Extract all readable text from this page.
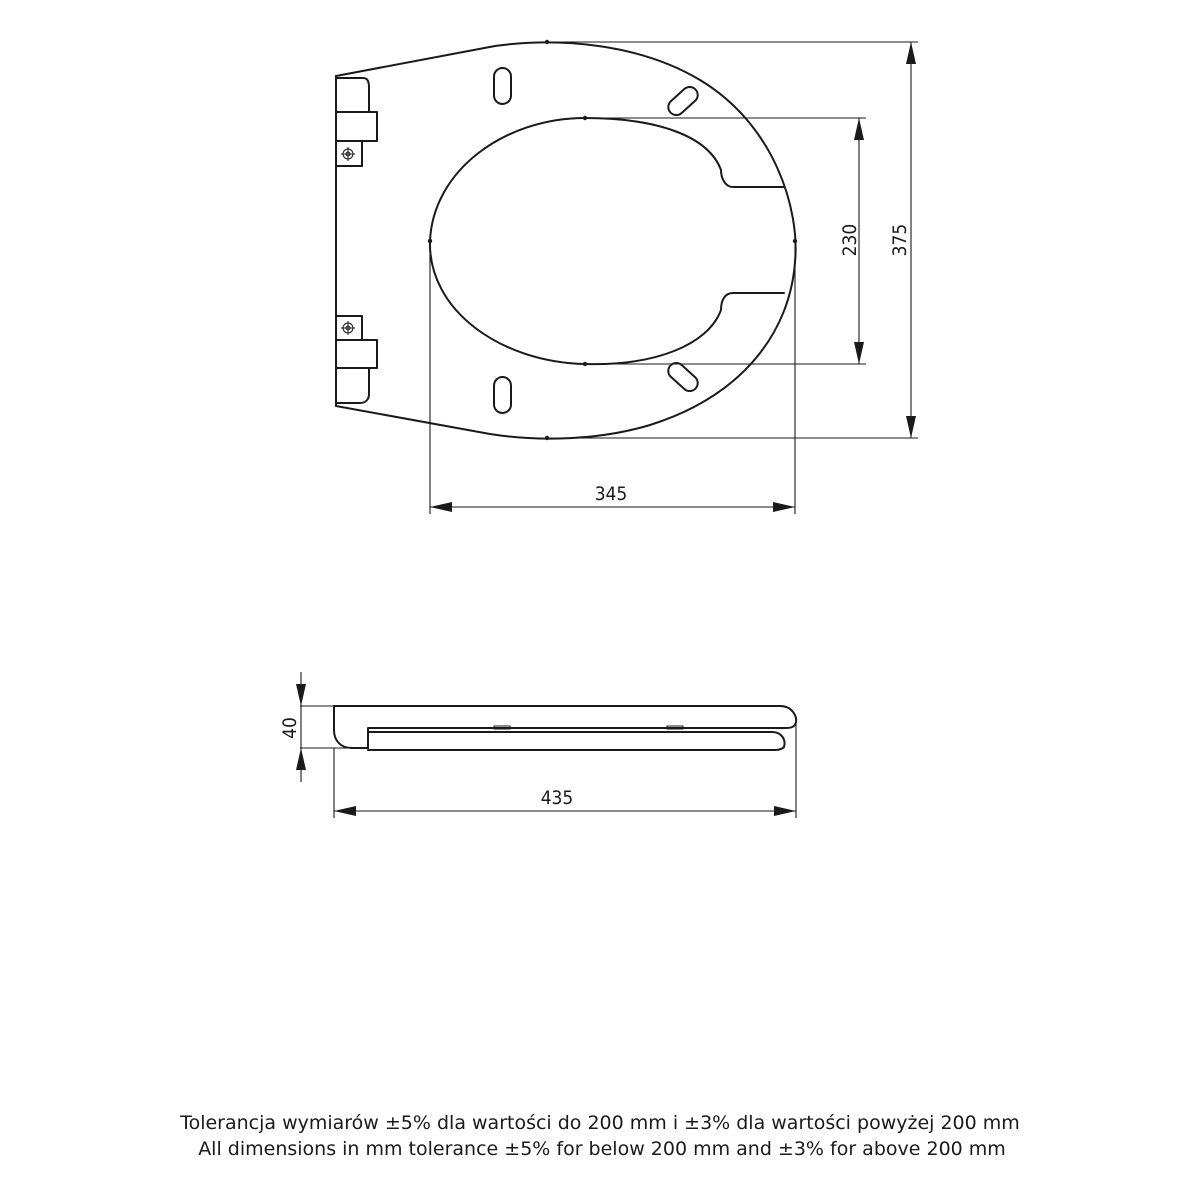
375
230
345
40
435
Tolerancja wymiarów ±5% dla wartości do 200 mm i ±3% dla wartości powyżej 200 mm
All dimensions in mm tolerance ±5% for below 200 mm and ±3% for above 200 mm
